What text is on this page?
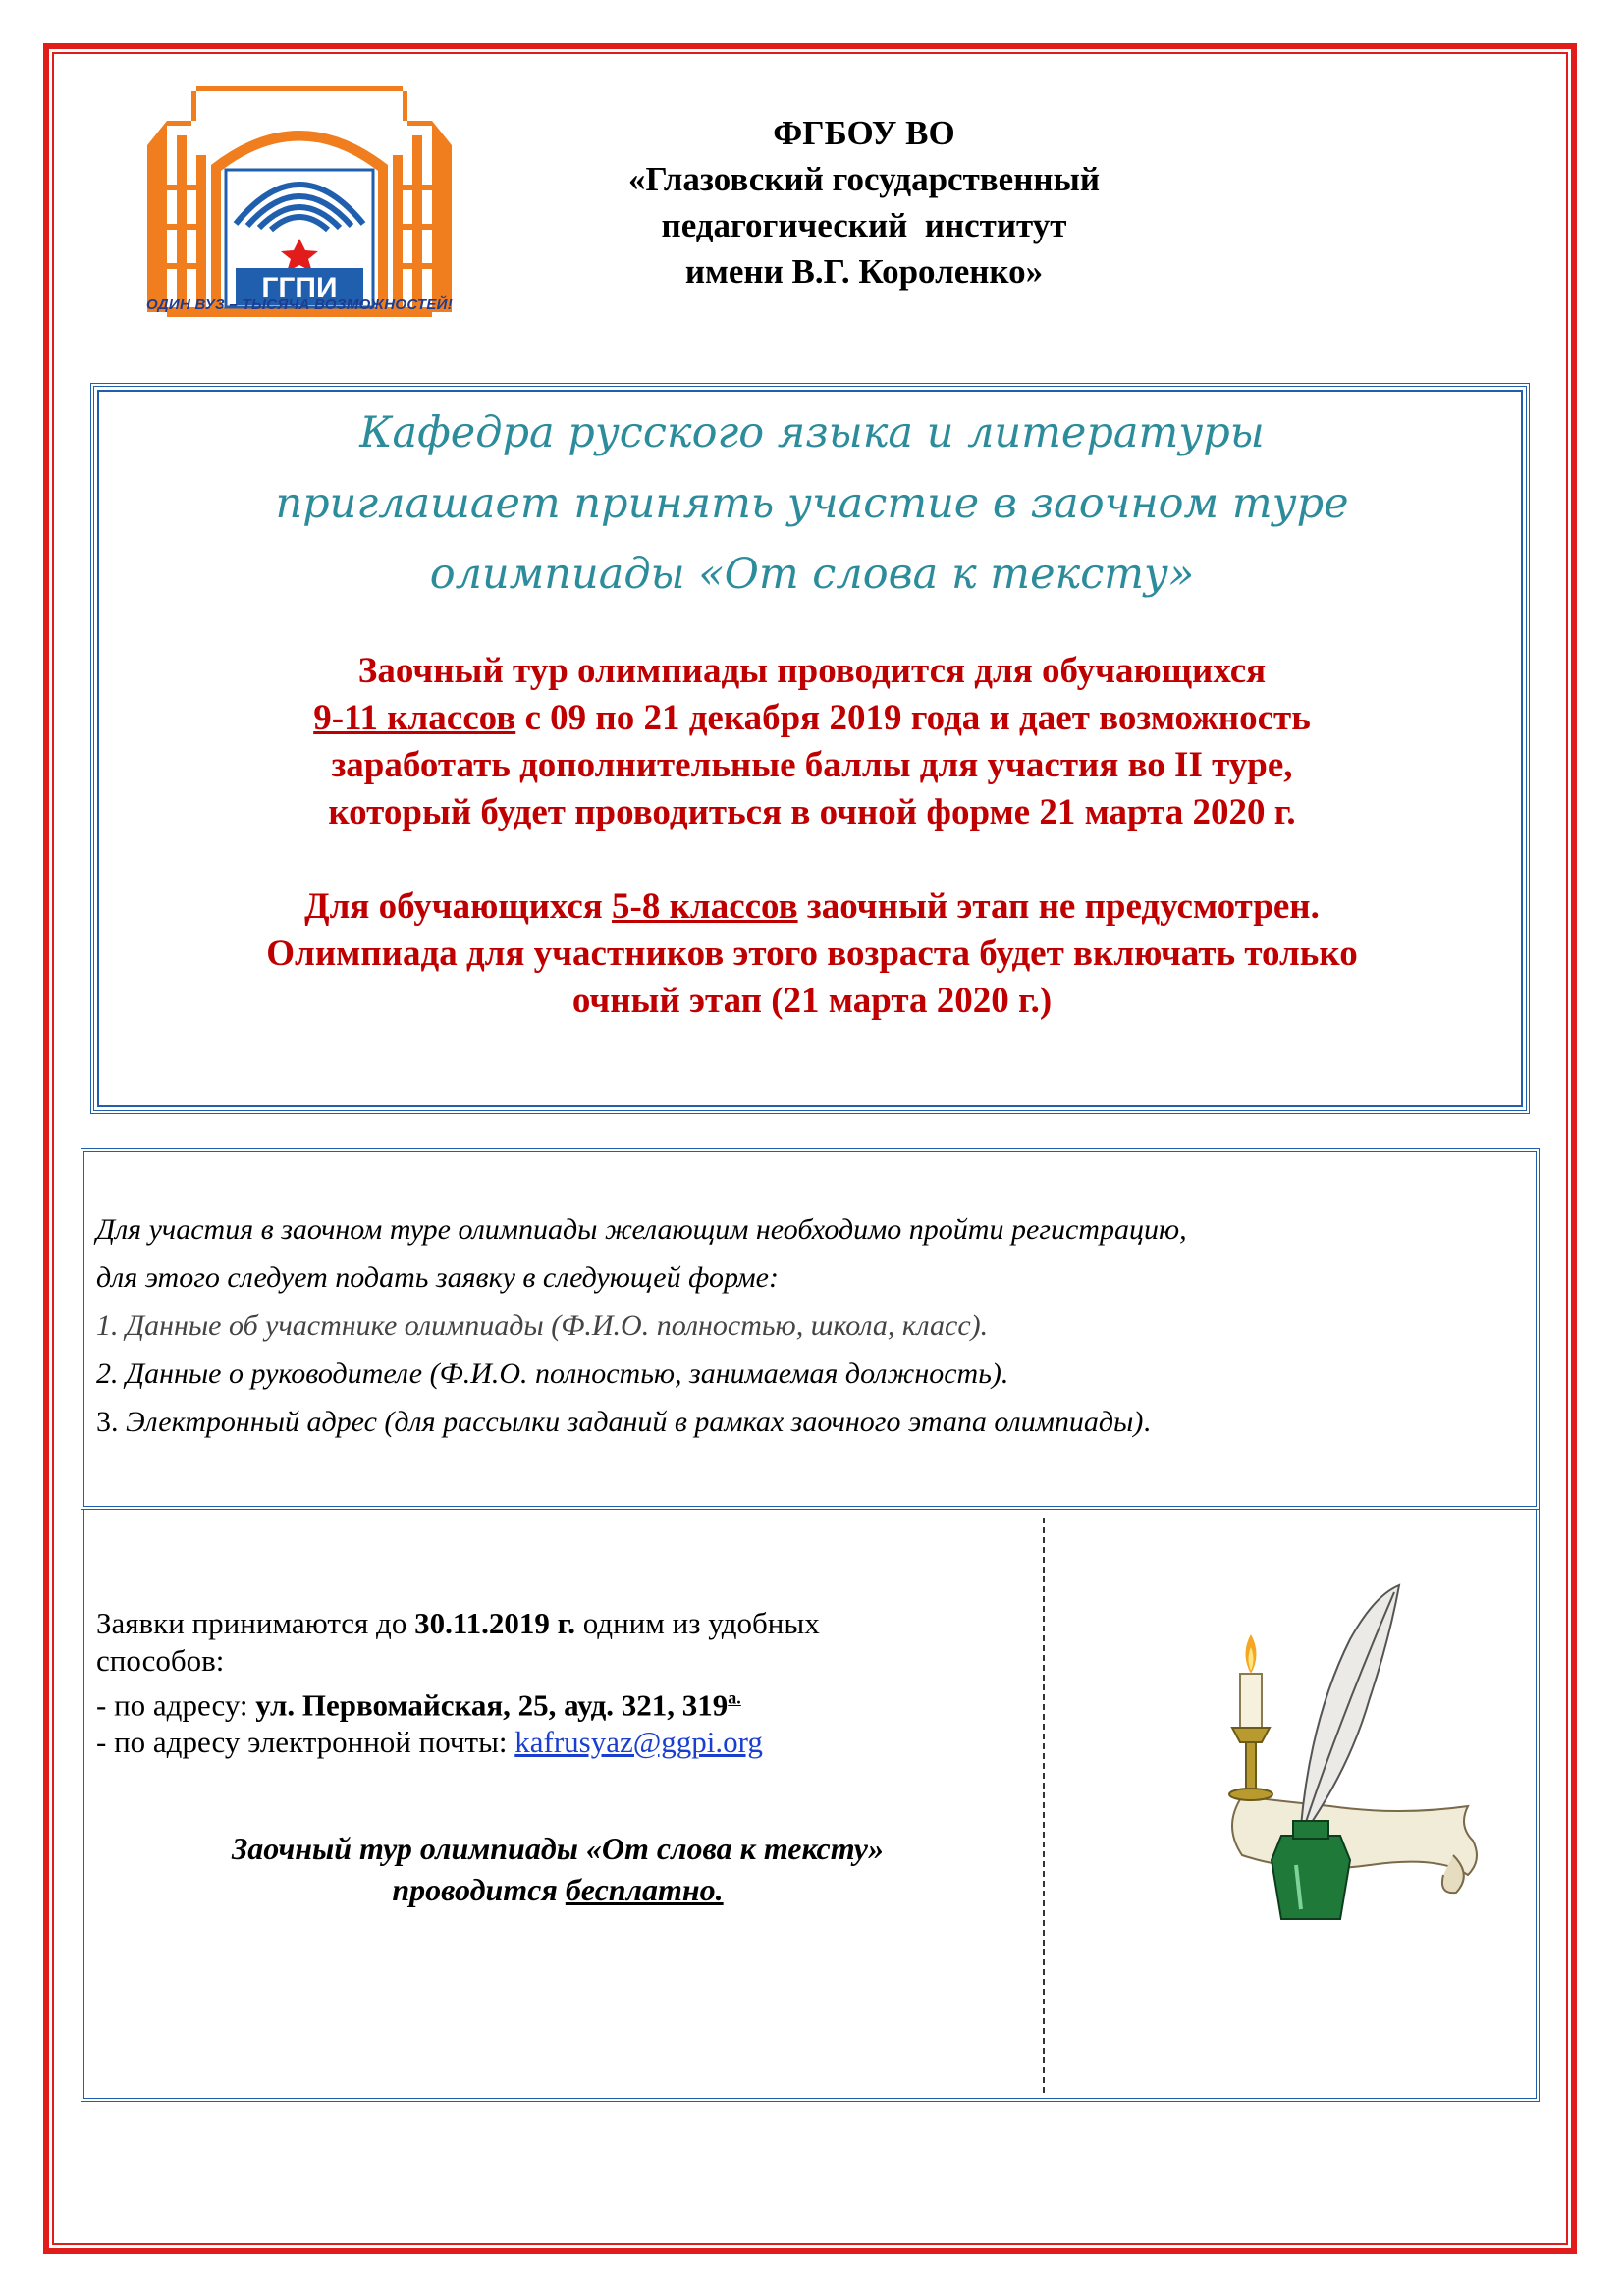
ГГПИ
ОДИН ВУЗ – ТЫСЯЧА ВОЗМОЖНОСТЕЙ!
ФГБОУ ВО
«Глазовский государственный
педагогический  институт
имени В.Г. Короленко»
Кафедра русского языка и литературы
приглашает принять участие в заочном туре
олимпиады «От слова к тексту»
Заочный тур олимпиады проводится для обучающихся
9-11 классов с 09 по 21 декабря 2019 года и дает возможность
заработать дополнительные баллы для участия во II туре,
который будет проводиться в очной форме 21 марта 2020 г.
Для обучающихся 5-8 классов заочный этап не предусмотрен.
Олимпиада для участников этого возраста будет включать только
очный этап (21 марта 2020 г.)
Для участия в заочном туре олимпиады желающим необходимо пройти регистрацию,
для этого следует подать заявку в следующей форме:
1. Данные об участнике олимпиады (Ф.И.О. полностью, школа, класс).
2. Данные о руководителе (Ф.И.О. полностью, занимаемая должность).
3. Электронный адрес (для рассылки заданий в рамках заочного этапа олимпиады).
Заявки принимаются до 30.11.2019 г. одним из удобных
способов:
- по адресу: ул. Первомайская, 25, ауд. 321, $319^{а.}$
- по адресу электронной почты: kafrusyaz@ggpi.org
Заочный тур олимпиады «От слова к тексту»
проводится бесплатно.
